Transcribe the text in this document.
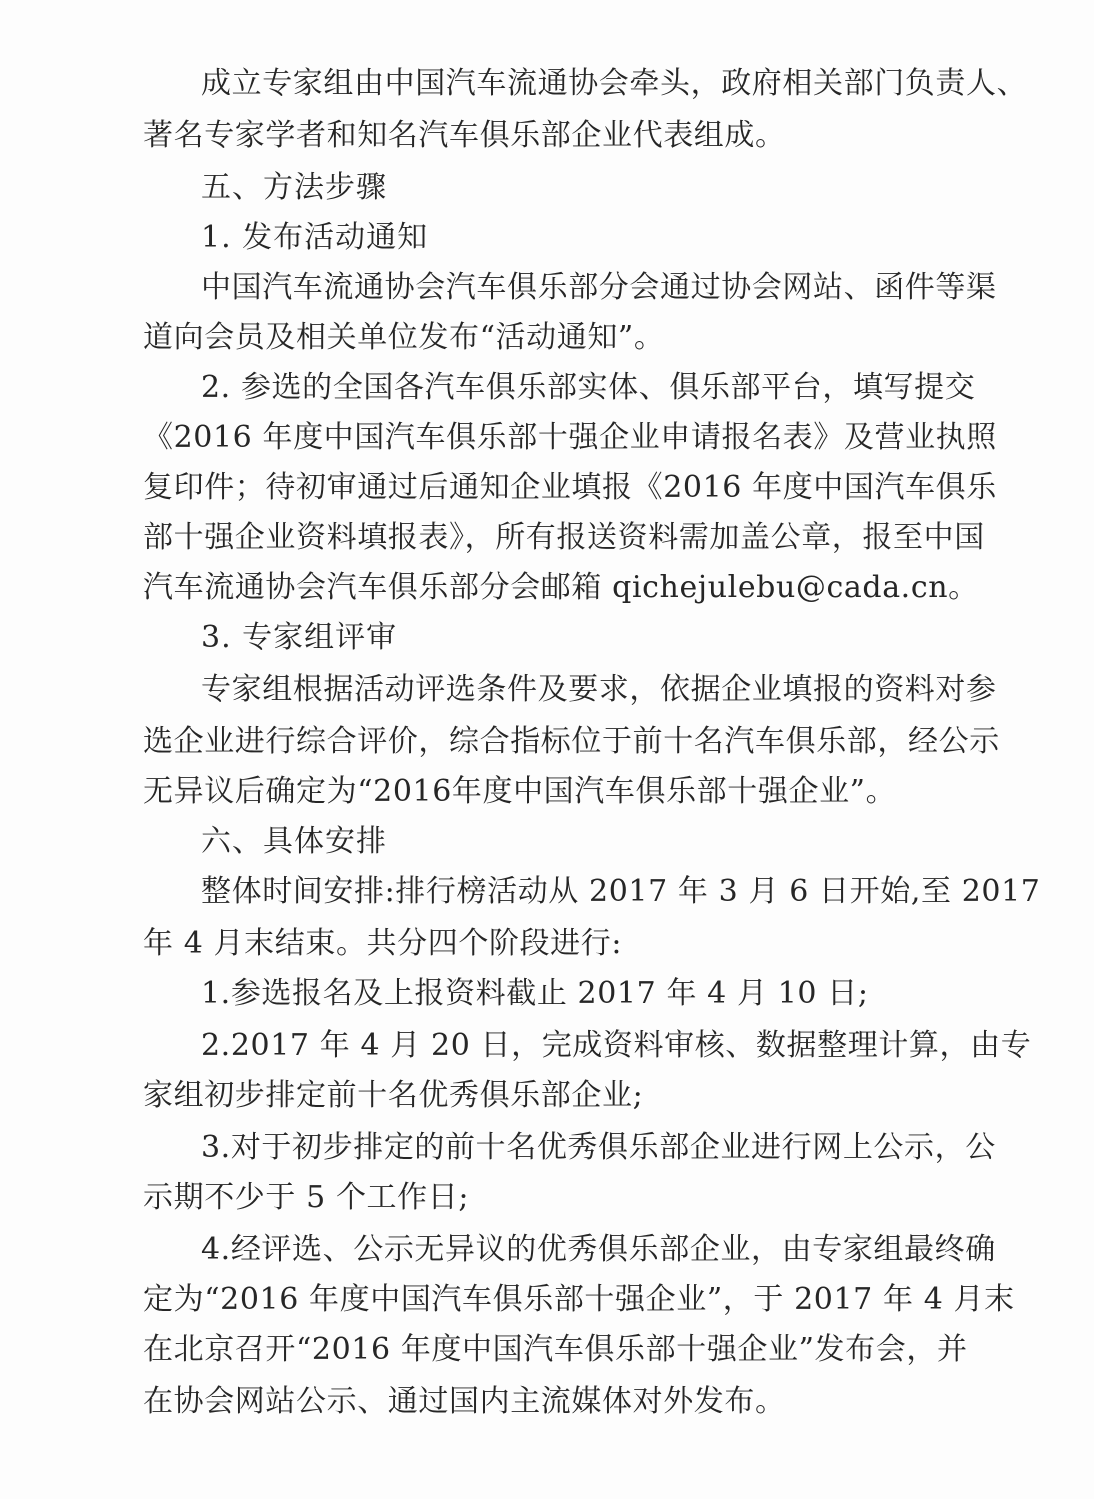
成立专家组由中国汽车流通协会牵头，政府相关部门负责人、
著名专家学者和知名汽车俱乐部企业代表组成。
五、方法步骤
1. 发布活动通知
中国汽车流通协会汽车俱乐部分会通过协会网站、函件等渠
道向会员及相关单位发布“活动通知”。
2. 参选的全国各汽车俱乐部实体、俱乐部平台，填写提交
《2016 年度中国汽车俱乐部十强企业申请报名表》及营业执照
复印件；待初审通过后通知企业填报《2016 年度中国汽车俱乐
部十强企业资料填报表》，所有报送资料需加盖公章，报至中国
汽车流通协会汽车俱乐部分会邮箱 qichejulebu@cada.cn。
3. 专家组评审
专家组根据活动评选条件及要求，依据企业填报的资料对参
选企业进行综合评价，综合指标位于前十名汽车俱乐部，经公示
无异议后确定为“2016年度中国汽车俱乐部十强企业”。
六、具体安排
整体时间安排:排行榜活动从 2017 年 3 月 6 日开始,至 2017
年 4 月末结束。共分四个阶段进行:
1.参选报名及上报资料截止 2017 年 4 月 10 日;
2.2017 年 4 月 20 日，完成资料审核、数据整理计算，由专
家组初步排定前十名优秀俱乐部企业;
3.对于初步排定的前十名优秀俱乐部企业进行网上公示，公
示期不少于 5 个工作日;
4.经评选、公示无异议的优秀俱乐部企业，由专家组最终确
定为“2016 年度中国汽车俱乐部十强企业”，于 2017 年 4 月末
在北京召开“2016 年度中国汽车俱乐部十强企业”发布会，并
在协会网站公示、通过国内主流媒体对外发布。
